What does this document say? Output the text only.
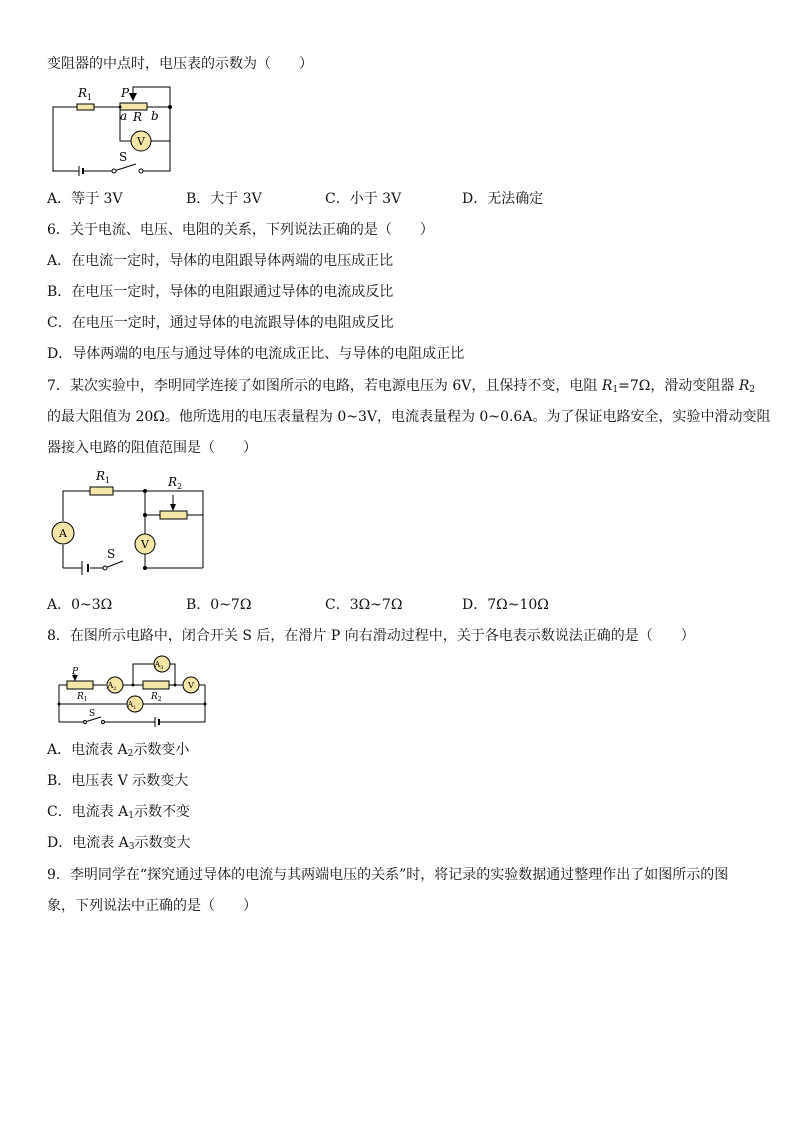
变阻器的中点时，电压表的示数为（　　）
$R_1$ P
a R b
V
S
A．等于 3V	B．大于 3V	C．小于 3V	D．无法确定
6．关于电流、电压、电阻的关系，下列说法正确的是（　　）
A．在电流一定时，导体的电阻跟导体两端的电压成正比
B．在电压一定时，导体的电阻跟通过导体的电流成反比
C．在电压一定时，通过导体的电流跟导体的电阻成反比
D．导体两端的电压与通过导体的电流成正比、与导体的电阻成正比
7．某次实验中，李明同学连接了如图所示的电路，若电源电压为 6V，且保持不变，电阻 $R_1=7\Omega$，滑动变阻器 $R_2$
的最大阻值为 20Ω。他所选用的电压表量程为 0~3V，电流表量程为 0~0.6A。为了保证电路安全，实验中滑动变阻
器接入电路的阻值范围是（　　）
$R_1$	$R_2$
A
V
S
A．0~3Ω	B．0~7Ω	C．3Ω~7Ω	D．7Ω~10Ω
8．在图所示电路中，闭合开关 S 后，在滑片 P 向右滑动过程中，关于各电表示数说法正确的是（　　）
P
$R_1$	$R_2$
$A_2$
$A_3$
$A_1$
V
S
A．电流表 $A_2$示数变小
B．电压表 V 示数变大
C．电流表 $A_1$示数不变
D．电流表 $A_3$示数变大
9．李明同学在“探究通过导体的电流与其两端电压的关系”时，将记录的实验数据通过整理作出了如图所示的图
象，下列说法中正确的是（　　）
